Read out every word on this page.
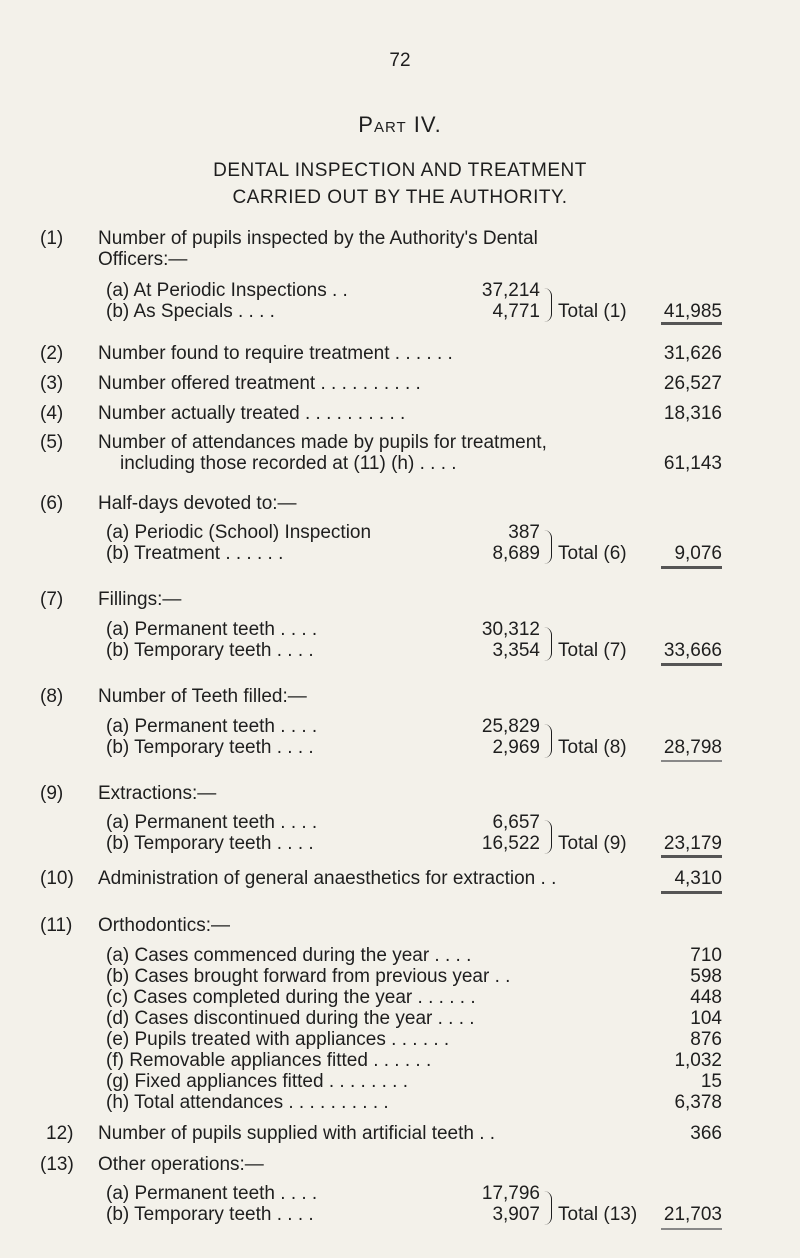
72
Part IV.
DENTAL INSPECTION AND TREATMENT
CARRIED OUT BY THE AUTHORITY.
(1) Number of pupils inspected by the Authority's Dental
Officers:—
(a) At Periodic Inspections . .	37,214
(b) As Specials . . . .	4,771 Total (1)	41,985
(2) Number found to require treatment . . . . . .	31,626
(3) Number offered treatment . . . . . . . . . .	26,527
(4) Number actually treated . . . . . . . . . .	18,316
(5) Number of attendances made by pupils for treatment,
including those recorded at (11) (h) . . . .	61,143
(6) Half-days devoted to:—
(a) Periodic (School) Inspection	387
(b) Treatment . . . . . .	8,689 Total (6)	9,076
(7) Fillings:—
(a) Permanent teeth . . . .	30,312
(b) Temporary teeth . . . .	3,354 Total (7)	33,666
(8) Number of Teeth filled:—
(a) Permanent teeth . . . .	25,829
(b) Temporary teeth . . . .	2,969 Total (8)	28,798
(9) Extractions:—
(a) Permanent teeth . . . .	6,657
(b) Temporary teeth . . . .	16,522 Total (9)	23,179
(10) Administration of general anaesthetics for extraction . .	4,310
(11) Orthodontics:—
(a) Cases commenced during the year . . . .	710
(b) Cases brought forward from previous year . .	598
(c) Cases completed during the year . . . . . .	448
(d) Cases discontinued during the year . . . .	104
(e) Pupils treated with appliances . . . . . .	876
(f) Removable appliances fitted . . . . . .	1,032
(g) Fixed appliances fitted . . . . . . . .	15
(h) Total attendances . . . . . . . . . .	6,378
12) Number of pupils supplied with artificial teeth . .	366
(13) Other operations:—
(a) Permanent teeth . . . .	17,796
(b) Temporary teeth . . . .	3,907 Total (13)	21,703
